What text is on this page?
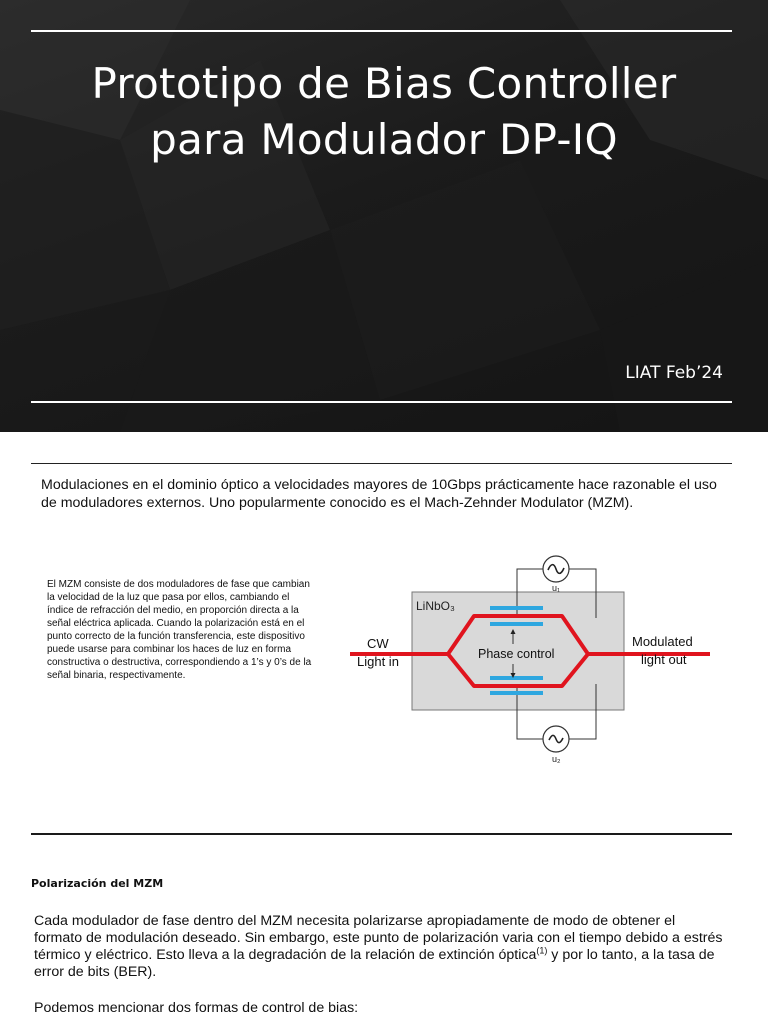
Prototipo de Bias Controller
para Modulador DP-IQ
LIAT Feb’24

Modulaciones en el dominio óptico a velocidades mayores de 10Gbps prácticamente hace razonable el uso de moduladores externos. Uno popularmente conocido es el Mach-Zehnder Modulator (MZM).

El MZM consiste de dos moduladores de fase que cambian la velocidad de la luz que pasa por ellos, cambiando el índice de refracción del medio, en proporción directa a la señal eléctrica aplicada. Cuando la polarización está en el punto correcto de la función transferencia, este dispositivo puede usarse para combinar los haces de luz en forma constructiva o destructiva, correspondiendo a 1’s y 0’s de la señal binaria, respectivamente.

LiNbO₃
u₁
u₂
Phase control
CW
Light in
Modulated
light out
Polarización del MZM

Cada modulador de fase dentro del MZM necesita polarizarse apropiadamente de modo de obtener el formato de modulación deseado. Sin embargo, este punto de polarización varia con el tiempo debido a estrés térmico y eléctrico. Esto lleva a la degradación de la relación de extinción óptica$^{(1)}$ y por lo tanto, a la tasa de error de bits (BER).

Podemos mencionar dos formas de control de bias:
